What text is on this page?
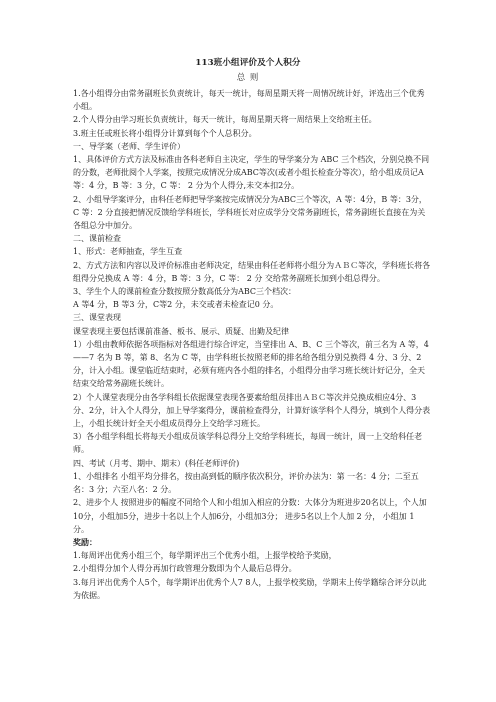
113班小组评价及个人积分
总 则

1.各小组得分由常务副班长负责统计，每天一统计，每周星期天将一周情况统计好，评选出三个优秀小组。

2.个人得分由学习班长负责统计，每天一统计，每周星期天将一周结果上交给班主任。

3.班主任或班长将小组得分计算到每个个人总积分。

一、导学案（老师、学生评价）

1、具体评价方式方法及标准由各科老师自主决定，学生的导学案分为 ABC 三个档次，分别兑换不同的分数，老师批阅个人学案，按照完成情况分成ABC等次(或者小组长检查分等次），给小组成员记A 等：4 分，B 等：3 分，C 等： 2 分为个人得分,未交本扣2分。

2、小组导学案评分，由科任老师把导学案按完成情况分为ABC三个等次，A 等：4分，B 等：3分，C 等：2 分直接把情况反馈给学科班长，学科班长对应成学分交常务副班长，常务副班长直接在为关各组总分中加分。

二、课前检查

1、形式：老师抽查，学生互查

2、方式方法和内容以及评价标准由老师决定，结果由科任老师将小组分为ＡＢＣ等次，学科班长将各组得分兑换成 A 等：4 分，B 等：3 分，C 等： 2 分 交给常务副班长加到小组总得分。

3、学生个人的课前检查分数按照分数高低分为ABC三个档次：

A 等4 分，B 等3 分，C等2 分，未交或者未检查记0 分。

三、课堂表现

课堂表现主要包括课前准备、板书、展示、质疑、出勤及纪律

1）小组由教师依据各项指标对各组进行综合评定，当堂排出 A、B、C 三个等次，前三名为 A 等，4——7 名为 B 等，第 8、名为 C 等，由学科班长按照老师的排名给各组分别兑换得 4 分、3 分、2 分，计入小组。课堂临近结束时，必须有班内各小组的排名，小组得分由学习班长统计好记分，全天结束交给常务副班长统计。

2）个人课堂表现分由各学科组长依据课堂表现各要素给组员排出ＡＢＣ等次并兑换成相应4分、3分、2分，计入个人得分，加上导学案得分，课前检查得分，计算好该学科个人得分，填到个人得分表上，小组长统计好全天小组成员得分上交给学习班长。

3）各小组学科组长将每天小组成员该学科总得分上交给学科班长，每周一统计，周一上交给科任老师。

四、考试（月考、期中、期末）(科任老师评价)

1、小组排名 小组平均分排名，按由高到低的顺序依次积分，评价办法为：第 一名：4 分；二至五名：3 分；六至八名：2 分。

2、进步个人 按照进步的幅度不同给个人和小组加入相应的分数：大体分为班进步20名以上，个人加10分，小组加5分，进步十名以上个人加6分，小组加3分； 进步5名以上个人加 2 分， 小组加 1 分。

奖励：

1.每周评出优秀小组三个，每学期评出三个优秀小组，上报学校给予奖励，

2.小组得分加个人得分再加行政管理分数即为个人最后总得分。

3.每月评出优秀个人5个，每学期评出优秀个人7 8人，上报学校奖励，学期末上传学籍综合评分以此为依据。
